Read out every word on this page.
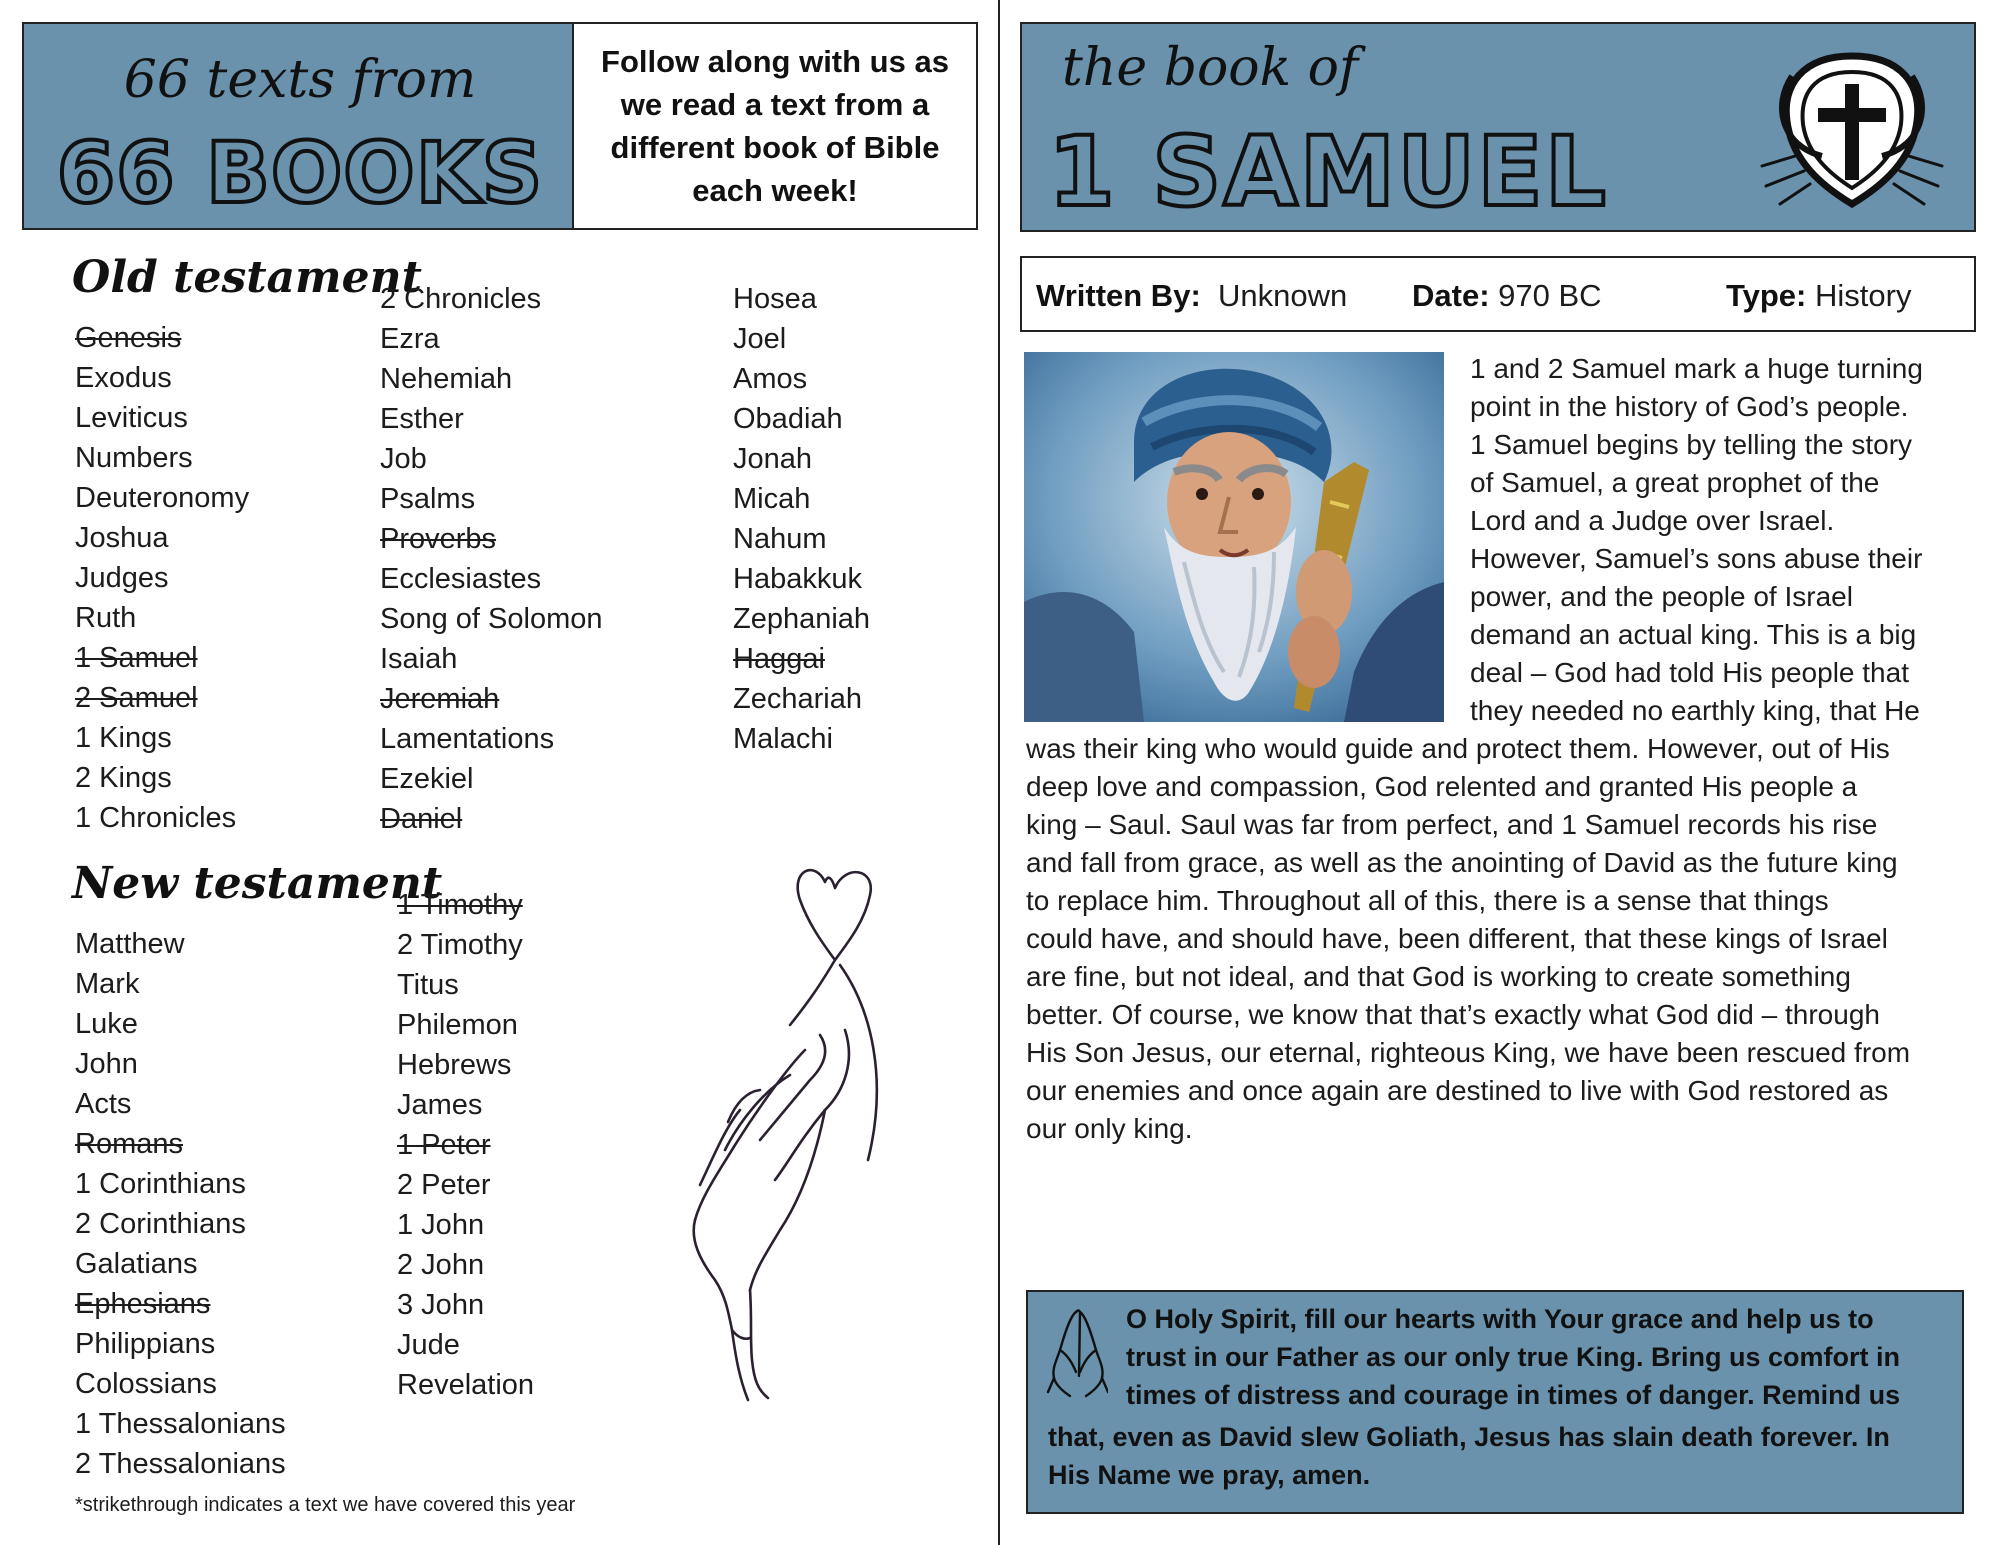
66 texts from
66 BOOKS
Follow along with us as we read a text from a different book of Bible each week!
Old testament
Genesis
Exodus
Leviticus
Numbers
Deuteronomy
Joshua
Judges
Ruth
1 Samuel
2 Samuel
1 Kings
2 Kings
1 Chronicles
2 Chronicles
Ezra
Nehemiah
Esther
Job
Psalms
Proverbs
Ecclesiastes
Song of Solomon
Isaiah
Jeremiah
Lamentations
Ezekiel
Daniel
Hosea
Joel
Amos
Obadiah
Jonah
Micah
Nahum
Habakkuk
Zephaniah
Haggai
Zechariah
Malachi
New testament
Matthew
Mark
Luke
John
Acts
Romans
1 Corinthians
2 Corinthians
Galatians
Ephesians
Philippians
Colossians
1 Thessalonians
2 Thessalonians
1 Timothy
2 Timothy
Titus
Philemon
Hebrews
James
1 Peter
2 Peter
1 John
2 John
3 John
Jude
Revelation
*strikethrough indicates a text we have covered this year
the book of
1 SAMUEL
Written By: Unknown Date: 970 BC	Type: History
1 and 2 Samuel mark a huge turning
point in the history of God’s people.
1 Samuel begins by telling the story
of Samuel, a great prophet of the
Lord and a Judge over Israel.
However, Samuel’s sons abuse their
power, and the people of Israel
demand an actual king. This is a big
deal – God had told His people that
they needed no earthly king, that He
was their king who would guide and protect them. However, out of His
deep love and compassion, God relented and granted His people a
king – Saul. Saul was far from perfect, and 1 Samuel records his rise
and fall from grace, as well as the anointing of David as the future king
to replace him. Throughout all of this, there is a sense that things
could have, and should have, been different, that these kings of Israel
are fine, but not ideal, and that God is working to create something
better. Of course, we know that that’s exactly what God did – through
His Son Jesus, our eternal, righteous King, we have been rescued from
our enemies and once again are destined to live with God restored as
our only king.
O Holy Spirit, fill our hearts with Your grace and help us to
trust in our Father as our only true King. Bring us comfort in
times of distress and courage in times of danger. Remind us
that, even as David slew Goliath, Jesus has slain death forever. In
His Name we pray, amen.
